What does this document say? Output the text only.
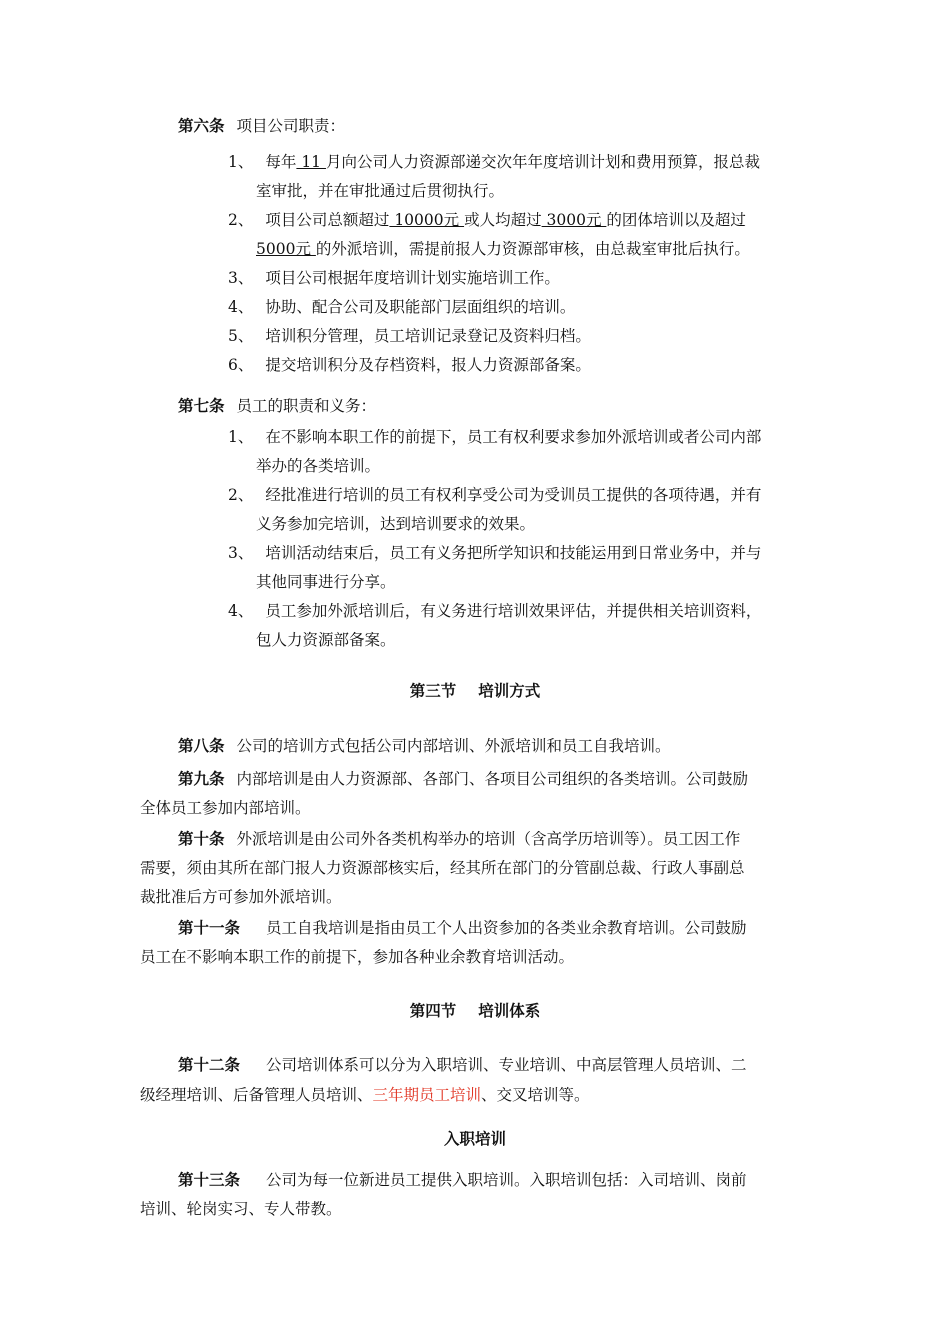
第六条 项目公司职责：
1、 每年 11 月向公司人力资源部递交次年年度培训计划和费用预算，报总裁
室审批，并在审批通过后贯彻执行。
2、 项目公司总额超过 10000元 或人均超过 3000元 的团体培训以及超过
5000元 的外派培训，需提前报人力资源部审核，由总裁室审批后执行。
3、 项目公司根据年度培训计划实施培训工作。
4、 协助、配合公司及职能部门层面组织的培训。
5、 培训积分管理，员工培训记录登记及资料归档。
6、 提交培训积分及存档资料，报人力资源部备案。
第七条 员工的职责和义务：
1、 在不影响本职工作的前提下，员工有权利要求参加外派培训或者公司内部
举办的各类培训。
2、 经批准进行培训的员工有权利享受公司为受训员工提供的各项待遇，并有
义务参加完培训，达到培训要求的效果。
3、 培训活动结束后，员工有义务把所学知识和技能运用到日常业务中，并与
其他同事进行分享。
4、 员工参加外派培训后，有义务进行培训效果评估，并提供相关培训资料，
包人力资源部备案。
第三节 培训方式
第八条 公司的培训方式包括公司内部培训、外派培训和员工自我培训。
第九条 内部培训是由人力资源部、各部门、各项目公司组织的各类培训。公司鼓励
全体员工参加内部培训。
第十条 外派培训是由公司外各类机构举办的培训（含高学历培训等）。员工因工作
需要，须由其所在部门报人力资源部核实后，经其所在部门的分管副总裁、行政人事副总
裁批准后方可参加外派培训。
第十一条 员工自我培训是指由员工个人出资参加的各类业余教育培训。公司鼓励
员工在不影响本职工作的前提下，参加各种业余教育培训活动。
第四节 培训体系
第十二条 公司培训体系可以分为入职培训、专业培训、中高层管理人员培训、二
级经理培训、后备管理人员培训、三年期员工培训、交叉培训等。
入职培训
第十三条 公司为每一位新进员工提供入职培训。入职培训包括：入司培训、岗前
培训、轮岗实习、专人带教。
